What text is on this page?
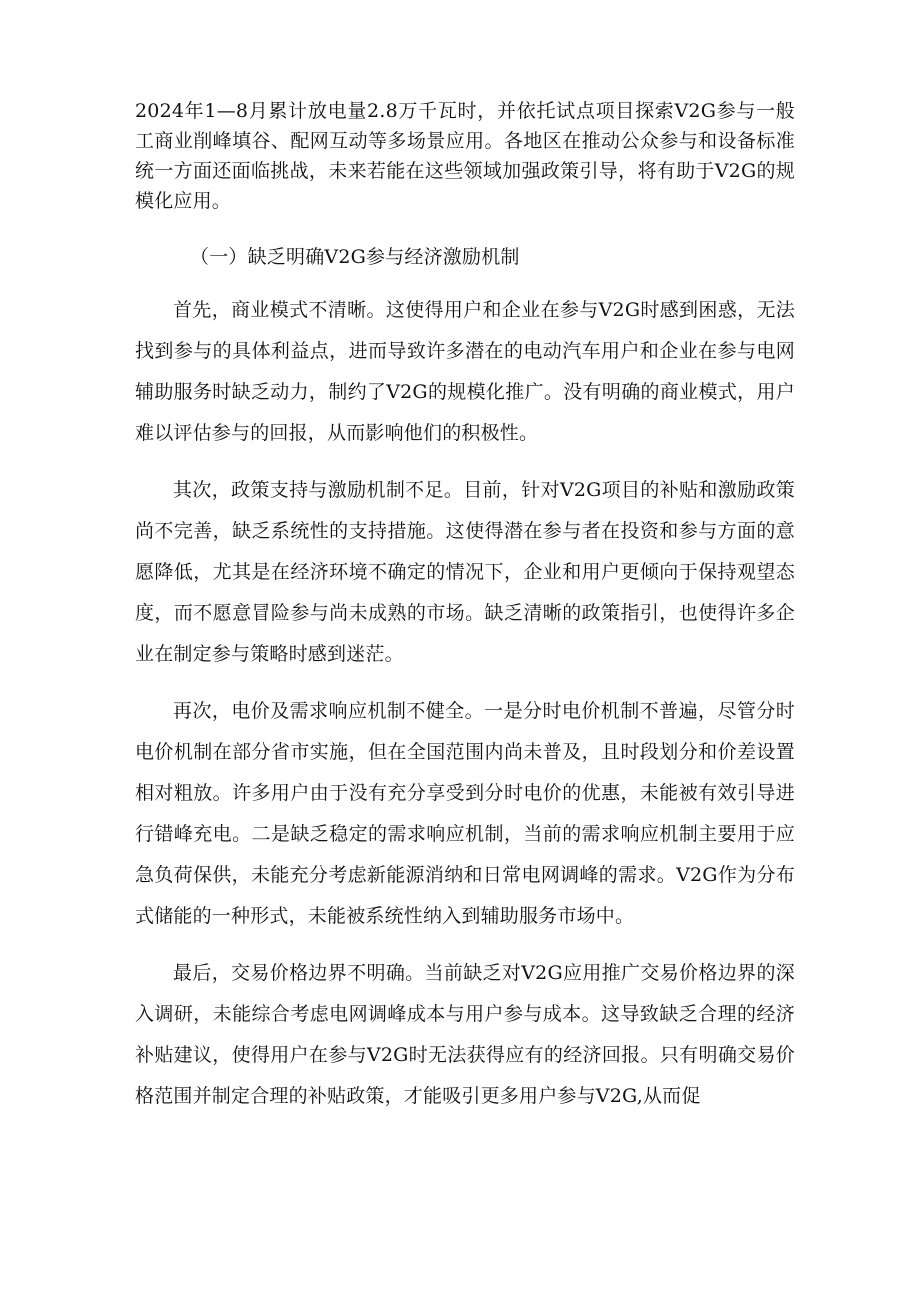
2024年1—8月累计放电量2.8万千瓦时，并依托试点项目探索V2G参与一般工商业削峰填谷、配网互动等多场景应用。各地区在推动公众参与和设备标准统一方面还面临挑战，未来若能在这些领域加强政策引导，将有助于V2G的规模化应用。

（一）缺乏明确V2G参与经济激励机制

首先，商业模式不清晰。这使得用户和企业在参与V2G时感到困惑，无法找到参与的具体利益点，进而导致许多潜在的电动汽车用户和企业在参与电网辅助服务时缺乏动力，制约了V2G的规模化推广。没有明确的商业模式，用户难以评估参与的回报，从而影响他们的积极性。

其次，政策支持与激励机制不足。目前，针对V2G项目的补贴和激励政策尚不完善，缺乏系统性的支持措施。这使得潜在参与者在投资和参与方面的意愿降低，尤其是在经济环境不确定的情况下，企业和用户更倾向于保持观望态度，而不愿意冒险参与尚未成熟的市场。缺乏清晰的政策指引，也使得许多企业在制定参与策略时感到迷茫。

再次，电价及需求响应机制不健全。一是分时电价机制不普遍，尽管分时电价机制在部分省市实施，但在全国范围内尚未普及，且时段划分和价差设置相对粗放。许多用户由于没有充分享受到分时电价的优惠，未能被有效引导进行错峰充电。二是缺乏稳定的需求响应机制，当前的需求响应机制主要用于应急负荷保供，未能充分考虑新能源消纳和日常电网调峰的需求。V2G作为分布式储能的一种形式，未能被系统性纳入到辅助服务市场中。

最后，交易价格边界不明确。当前缺乏对V2G应用推广交易价格边界的深入调研，未能综合考虑电网调峰成本与用户参与成本。这导致缺乏合理的经济补贴建议，使得用户在参与V2G时无法获得应有的经济回报。只有明确交易价格范围并制定合理的补贴政策，才能吸引更多用户参与V2G,从而促
